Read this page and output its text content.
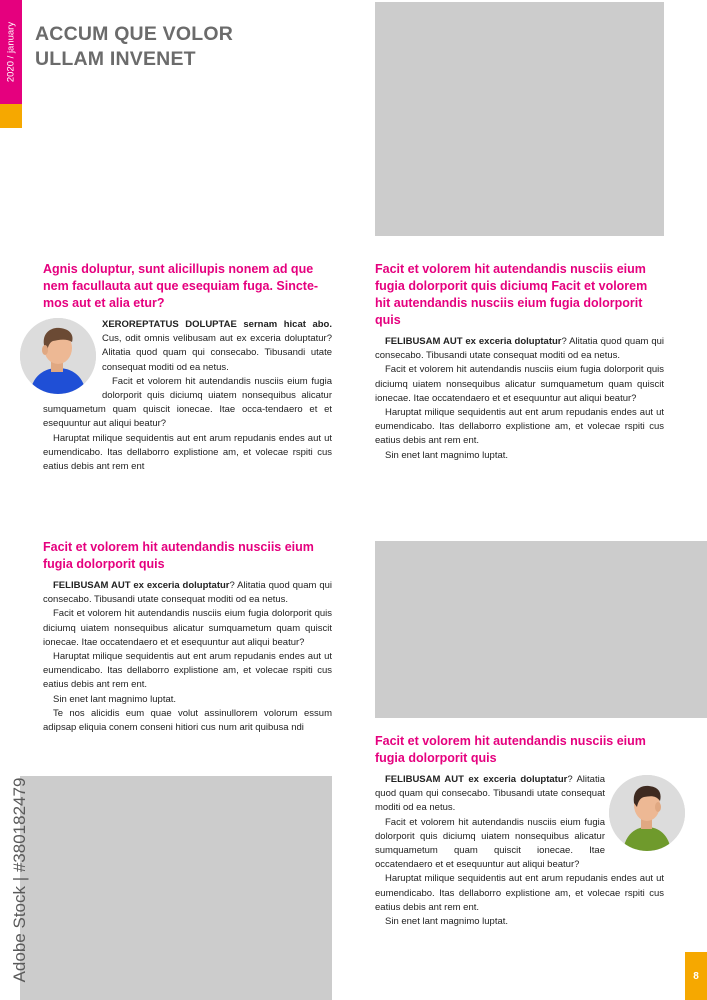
2020 / january ACCUM QUE VOLOR
ULLAM INVENET
Agnis doluptur, sunt alicillupis nonem ad que nem facullauta aut que esequiam fuga. Sincte-mos aut et alia etur?

XEROREPTATUS DOLUPTAE sernam hicat abo. Cus, odit omnis velibusam aut ex exceria doluptatur? Alitatia quod quam qui consecabo. Tibusandi utate consequat moditi od ea netus.

Facit et volorem hit autendandis nusciis eium fugia dolorporit quis diciumq uiatem nonsequibus alicatur sumquametum quam quiscit ionecae. Itae occa-tendaero et et esequuntur aut aliqui beatur?

Haruptat milique sequidentis aut ent arum repudanis endes aut ut eumendicabo. Itas dellaborro explistione am, et volecae rspiti cus eatius debis ant rem ent

Facit et volorem hit autendandis nusciis eium fugia dolorporit quis diciumq Facit et volorem hit autendandis nusciis eium fugia dolorporit quis

FELIBUSAM AUT ex exceria doluptatur? Alitatia quod quam qui consecabo. Tibusandi utate consequat moditi od ea netus.

Facit et volorem hit autendandis nusciis eium fugia dolorporit quis diciumq uiatem nonsequibus alicatur sumquametum quam quiscit ionecae. Itae occatendaero et et esequuntur aut aliqui beatur?

Haruptat milique sequidentis aut ent arum repudanis endes aut ut eumendicabo. Itas dellaborro explistione am, et volecae rspiti cus eatius debis ant rem ent.

Sin enet lant magnimo luptat.

Facit et volorem hit autendandis nusciis eium fugia dolorporit quis

FELIBUSAM AUT ex exceria doluptatur? Alitatia quod quam qui consecabo. Tibusandi utate consequat moditi od ea netus.

Facit et volorem hit autendandis nusciis eium fugia dolorporit quis diciumq uiatem nonsequibus alicatur sumquametum quam quiscit ionecae. Itae occatendaero et et esequuntur aut aliqui beatur?

Haruptat milique sequidentis aut ent arum repudanis endes aut ut eumendicabo. Itas dellaborro explistione am, et volecae rspiti cus eatius debis ant rem ent.

Sin enet lant magnimo luptat.

Te nos alicidis eum quae volut assinullorem volorum essum adipsap eliquia conem conseni hitiori cus num arit quibusa ndi

Facit et volorem hit autendandis nusciis eium fugia dolorporit quis

FELIBUSAM AUT ex exceria doluptatur? Alitatia quod quam qui consecabo. Tibusandi utate consequat moditi od ea netus.

Facit et volorem hit autendandis nusciis eium fugia dolorporit quis diciumq uiatem nonsequibus alicatur sumquametum quam quiscit ionecae. Itae occatendaero et et esequuntur aut aliqui beatur?

Haruptat milique sequidentis aut ent arum repudanis endes aut ut eumendicabo. Itas dellaborro explistione am, et volecae rspiti cus eatius debis ant rem ent.

Sin enet lant magnimo luptat.

Adobe Stock | #380182479	8
